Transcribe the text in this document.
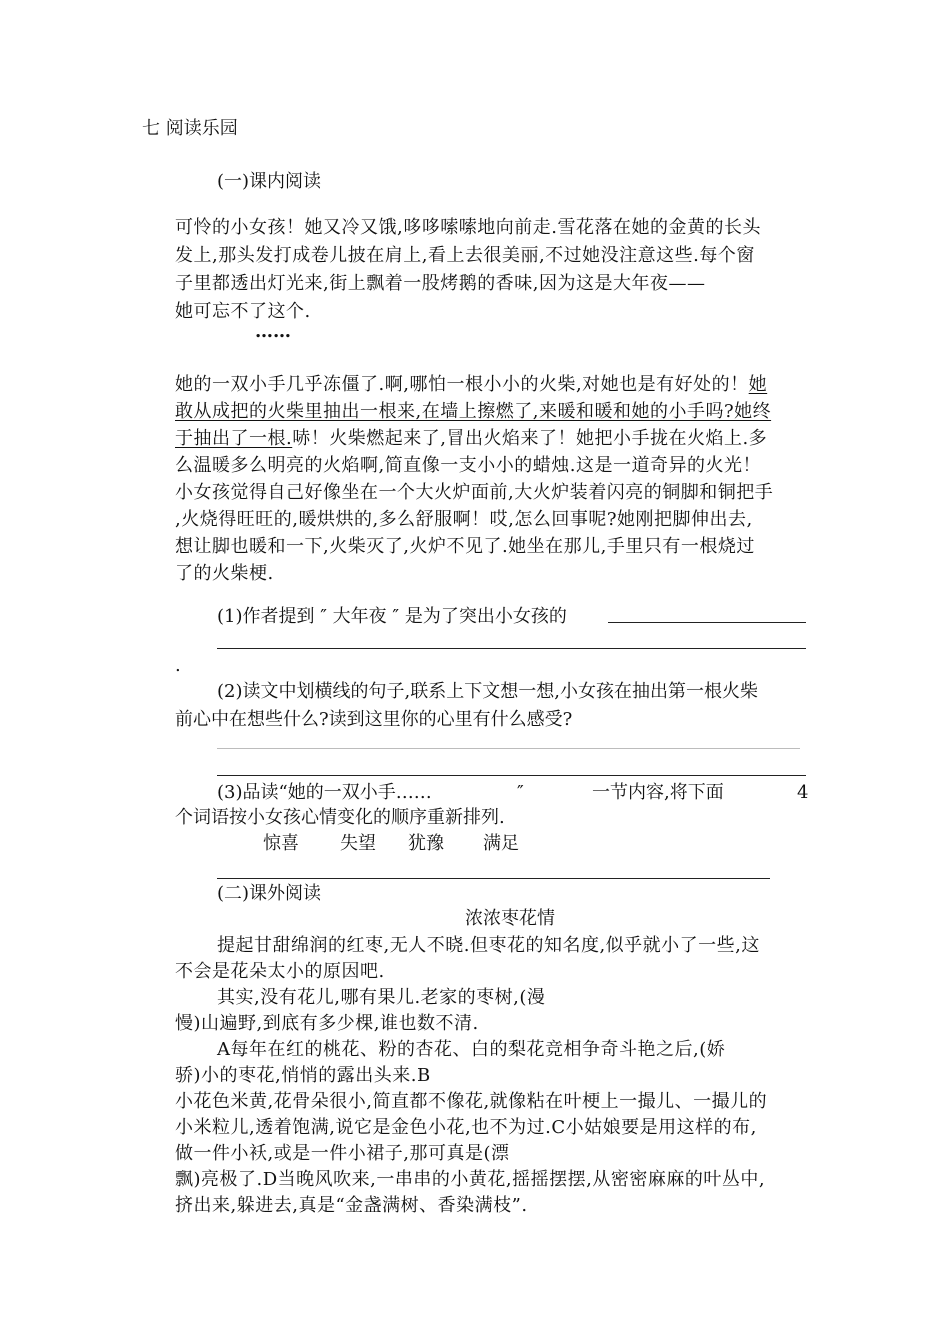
七 阅读乐园
(一)课内阅读
可怜的小女孩！她又冷又饿,哆哆嗦嗦地向前走.雪花落在她的金黄的长头
发上,那头发打成卷儿披在肩上,看上去很美丽,不过她没注意这些.每个窗
子里都透出灯光来,街上飘着一股烤鹅的香味,因为这是大年夜——
她可忘不了这个.
……
她的一双小手几乎冻僵了.啊,哪怕一根小小的火柴,对她也是有好处的！她
敢从成把的火柴里抽出一根来,在墙上擦燃了,来暖和暖和她的小手吗?她终
于抽出了一根.哧！火柴燃起来了,冒出火焰来了！她把小手拢在火焰上.多
么温暖多么明亮的火焰啊,简直像一支小小的蜡烛.这是一道奇异的火光！
小女孩觉得自己好像坐在一个大火炉面前,大火炉装着闪亮的铜脚和铜把手
,火烧得旺旺的,暖烘烘的,多么舒服啊！哎,怎么回事呢?她刚把脚伸出去,
想让脚也暖和一下,火柴灭了,火炉不见了.她坐在那儿,手里只有一根烧过
了的火柴梗.
(1)作者提到 ″ 大年夜 ″ 是为了突出小女孩的
.
(2)读文中划横线的句子,联系上下文想一想,小女孩在抽出第一根火柴
前心中在想些什么?读到这里你的心里有什么感受?
(3)品读“她的一双小手……	″	一节内容,将下面	4
个词语按小女孩心情变化的顺序重新排列.
惊喜 失望 犹豫 满足
(二)课外阅读
浓浓枣花情
提起甘甜绵润的红枣,无人不晓.但枣花的知名度,似乎就小了一些,这
不会是花朵太小的原因吧.
其实,没有花儿,哪有果儿.老家的枣树,(漫
慢)山遍野,到底有多少棵,谁也数不清.
A每年在红的桃花、粉的杏花、白的梨花竞相争奇斗艳之后,(娇
骄)小的枣花,悄悄的露出头来.B
小花色米黄,花骨朵很小,简直都不像花,就像粘在叶梗上一撮儿、一撮儿的
小米粒儿,透着饱满,说它是金色小花,也不为过.C小姑娘要是用这样的布,
做一件小袄,或是一件小裙子,那可真是(漂
飘)亮极了.D当晚风吹来,一串串的小黄花,摇摇摆摆,从密密麻麻的叶丛中,
挤出来,躲进去,真是“金盏满树、香染满枝”.
